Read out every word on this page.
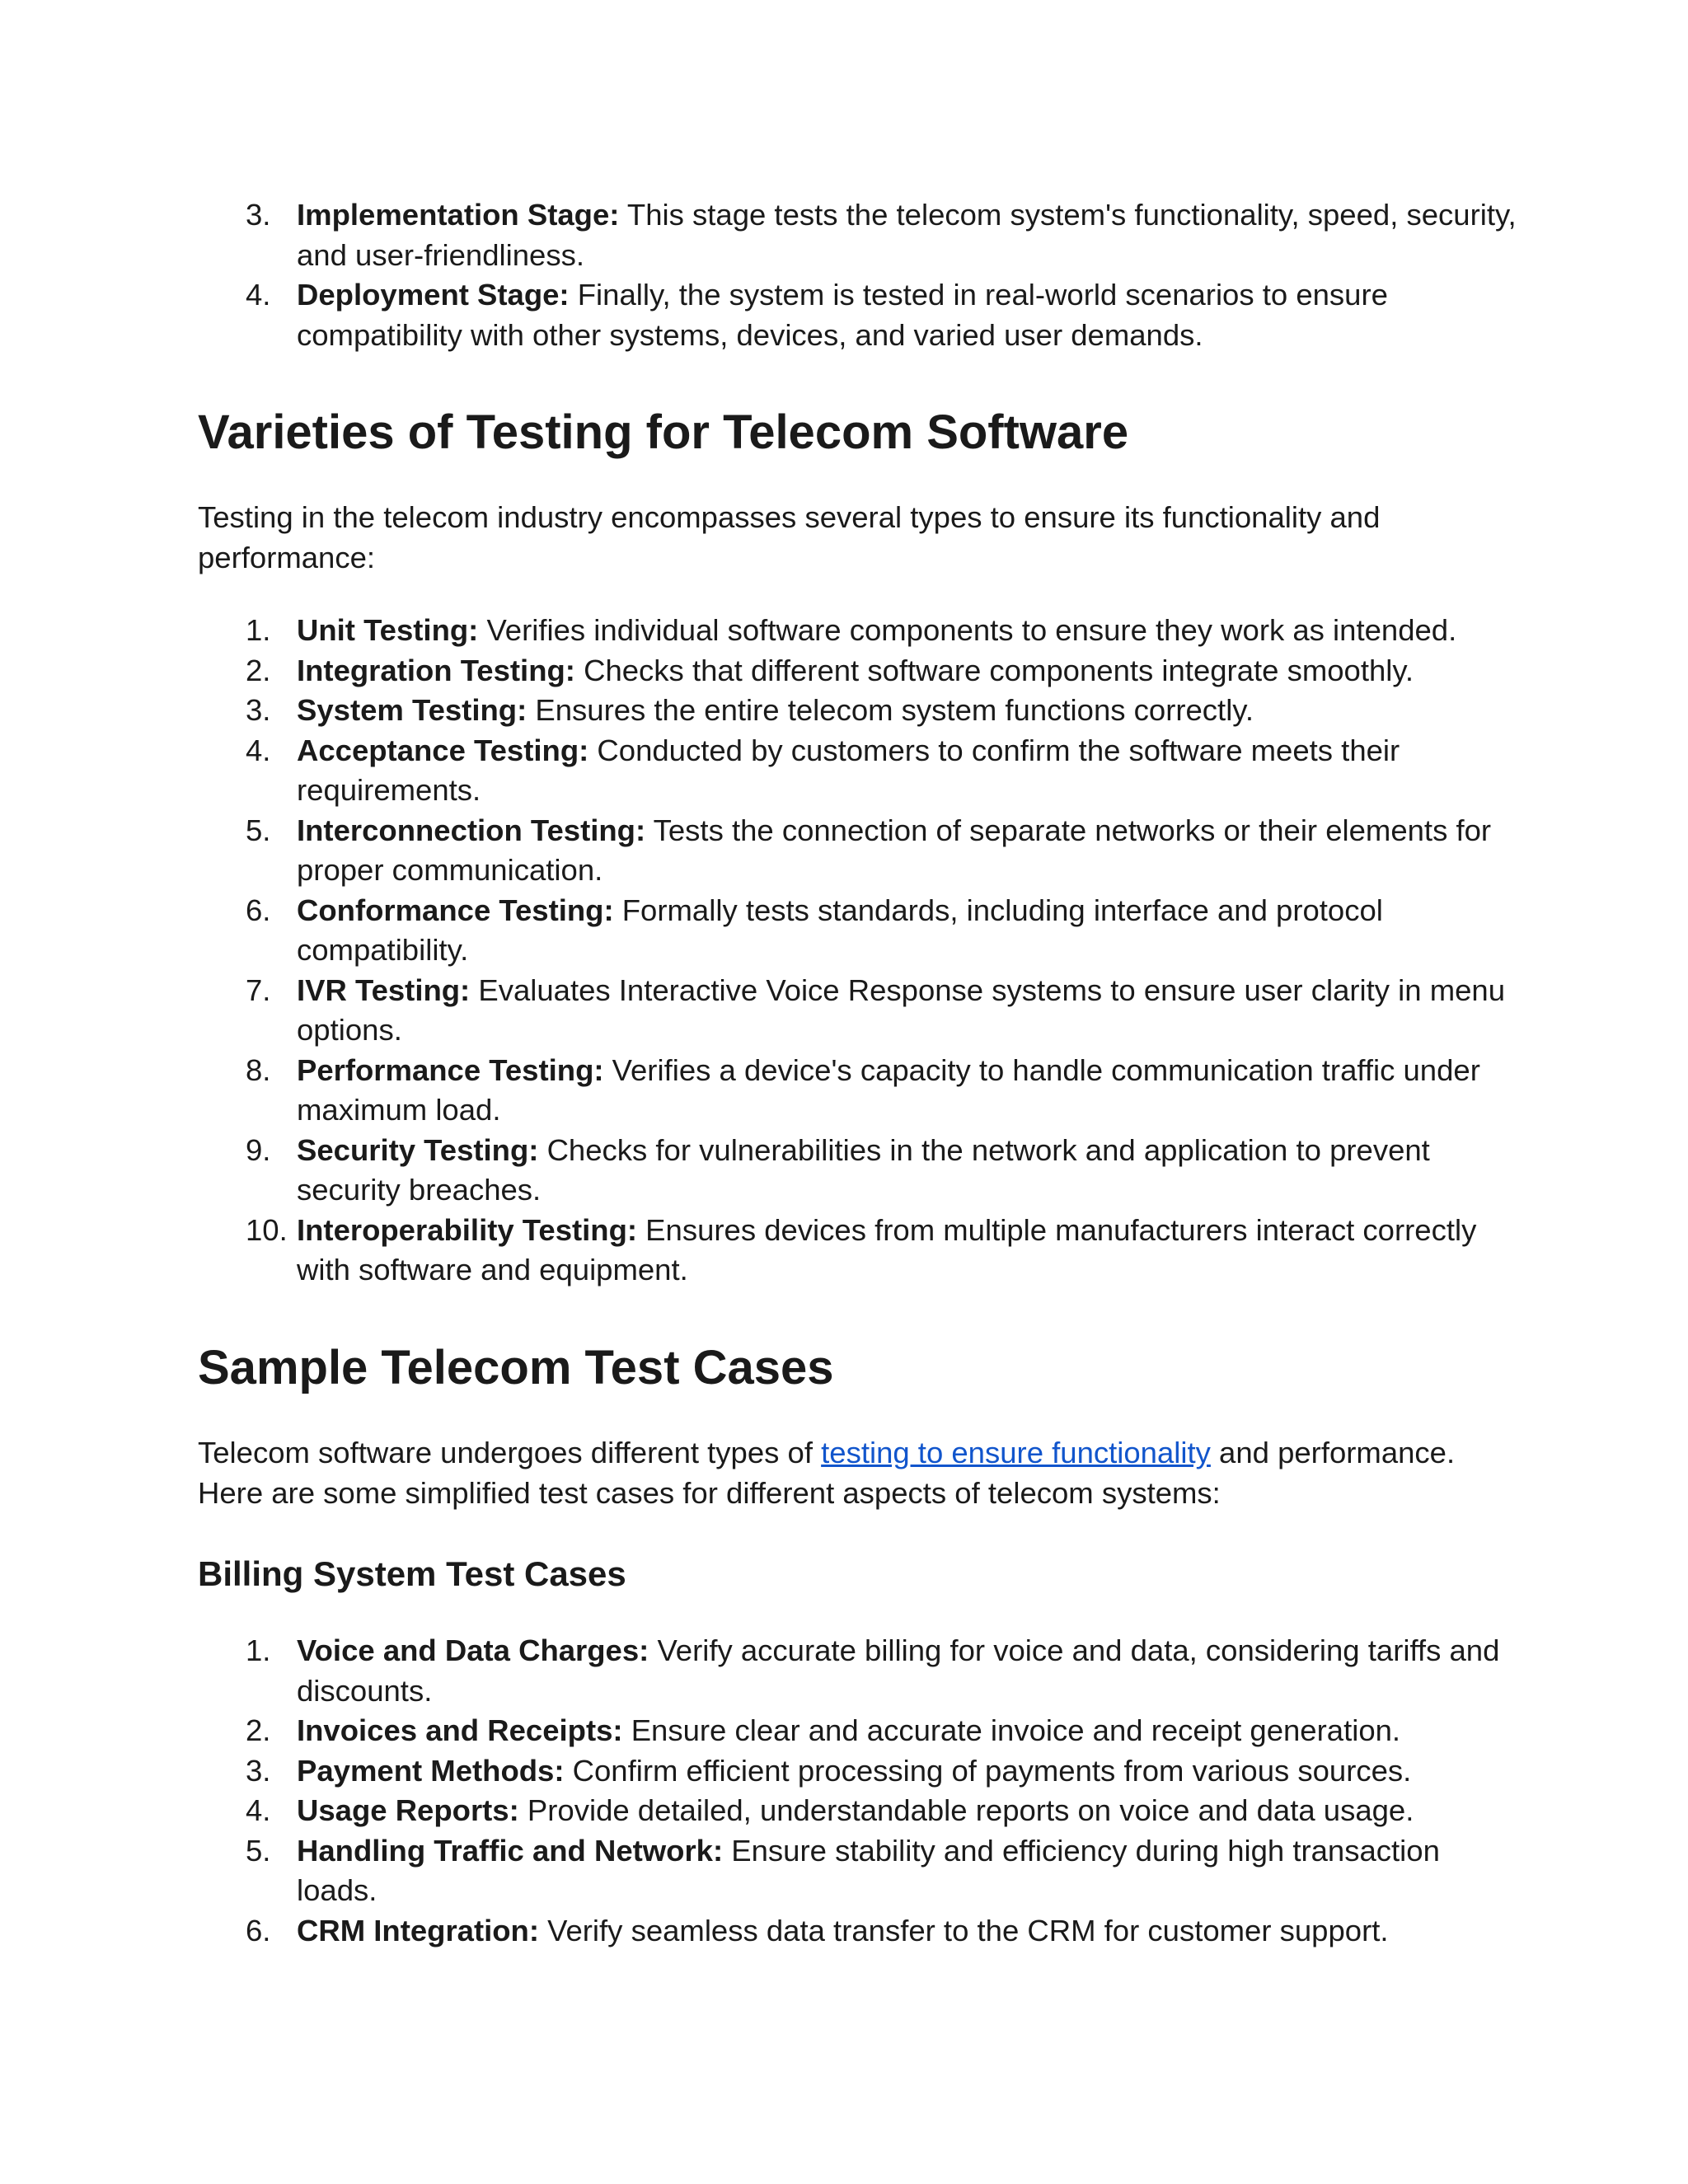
3. Implementation Stage: This stage tests the telecom system's functionality, speed, security, and user-friendliness.
4. Deployment Stage: Finally, the system is tested in real-world scenarios to ensure compatibility with other systems, devices, and varied user demands.
Varieties of Testing for Telecom Software

Testing in the telecom industry encompasses several types to ensure its functionality and performance:

1. Unit Testing: Verifies individual software components to ensure they work as intended.
2. Integration Testing: Checks that different software components integrate smoothly.
3. System Testing: Ensures the entire telecom system functions correctly.
4. Acceptance Testing: Conducted by customers to confirm the software meets their requirements.
5. Interconnection Testing: Tests the connection of separate networks or their elements for proper communication.
6. Conformance Testing: Formally tests standards, including interface and protocol compatibility.
7. IVR Testing: Evaluates Interactive Voice Response systems to ensure user clarity in menu options.
8. Performance Testing: Verifies a device's capacity to handle communication traffic under maximum load.
9. Security Testing: Checks for vulnerabilities in the network and application to prevent security breaches.
10. Interoperability Testing: Ensures devices from multiple manufacturers interact correctly with software and equipment.
Sample Telecom Test Cases

Telecom software undergoes different types of testing to ensure functionality and performance. Here are some simplified test cases for different aspects of telecom systems:

Billing System Test Cases
1. Voice and Data Charges: Verify accurate billing for voice and data, considering tariffs and discounts.
2. Invoices and Receipts: Ensure clear and accurate invoice and receipt generation.
3. Payment Methods: Confirm efficient processing of payments from various sources.
4. Usage Reports: Provide detailed, understandable reports on voice and data usage.
5. Handling Traffic and Network: Ensure stability and efficiency during high transaction loads.
6. CRM Integration: Verify seamless data transfer to the CRM for customer support.
